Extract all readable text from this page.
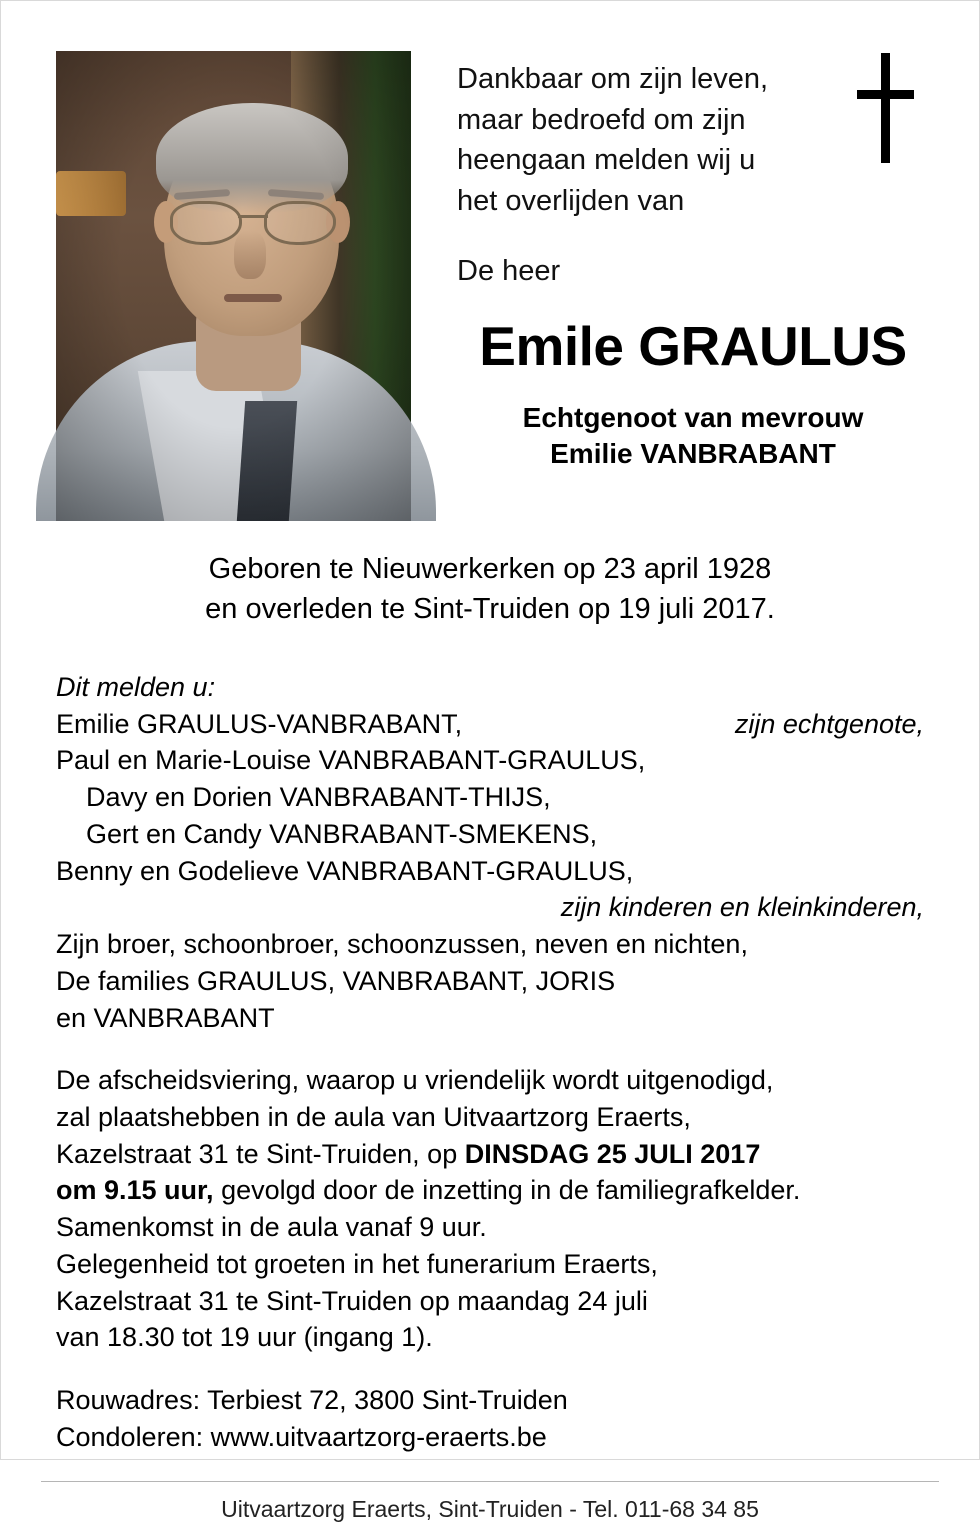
Dankbaar om zijn leven,
maar bedroefd om zijn
heengaan melden wij u
het overlijden van
De heer
Emile GRAULUS
Echtgenoot van mevrouw
Emilie VANBRABANT
Geboren te Nieuwerkerken op 23 april 1928
en overleden te Sint-Truiden op 19 juli 2017.
Dit melden u:
Emilie GRAULUS-VANBRABANT,	zijn echtgenote,
Paul en Marie-Louise VANBRABANT-GRAULUS,
Davy en Dorien VANBRABANT-THIJS,
Gert en Candy VANBRABANT-SMEKENS,
Benny en Godelieve VANBRABANT-GRAULUS,
zijn kinderen en kleinkinderen,
Zijn broer, schoonbroer, schoonzussen, neven en nichten,
De families GRAULUS, VANBRABANT, JORIS
en VANBRABANT
De afscheidsviering, waarop u vriendelijk wordt uitgenodigd,
zal plaatshebben in de aula van Uitvaartzorg Eraerts,
Kazelstraat 31 te Sint-Truiden, op DINSDAG 25 JULI 2017
om 9.15 uur, gevolgd door de inzetting in de familiegrafkelder.
Samenkomst in de aula vanaf 9 uur.
Gelegenheid tot groeten in het funerarium Eraerts,
Kazelstraat 31 te Sint-Truiden op maandag 24 juli
van 18.30 tot 19 uur (ingang 1).
Rouwadres: Terbiest 72, 3800 Sint-Truiden
Condoleren: www.uitvaartzorg-eraerts.be
Uitvaartzorg Eraerts, Sint-Truiden - Tel. 011-68 34 85
